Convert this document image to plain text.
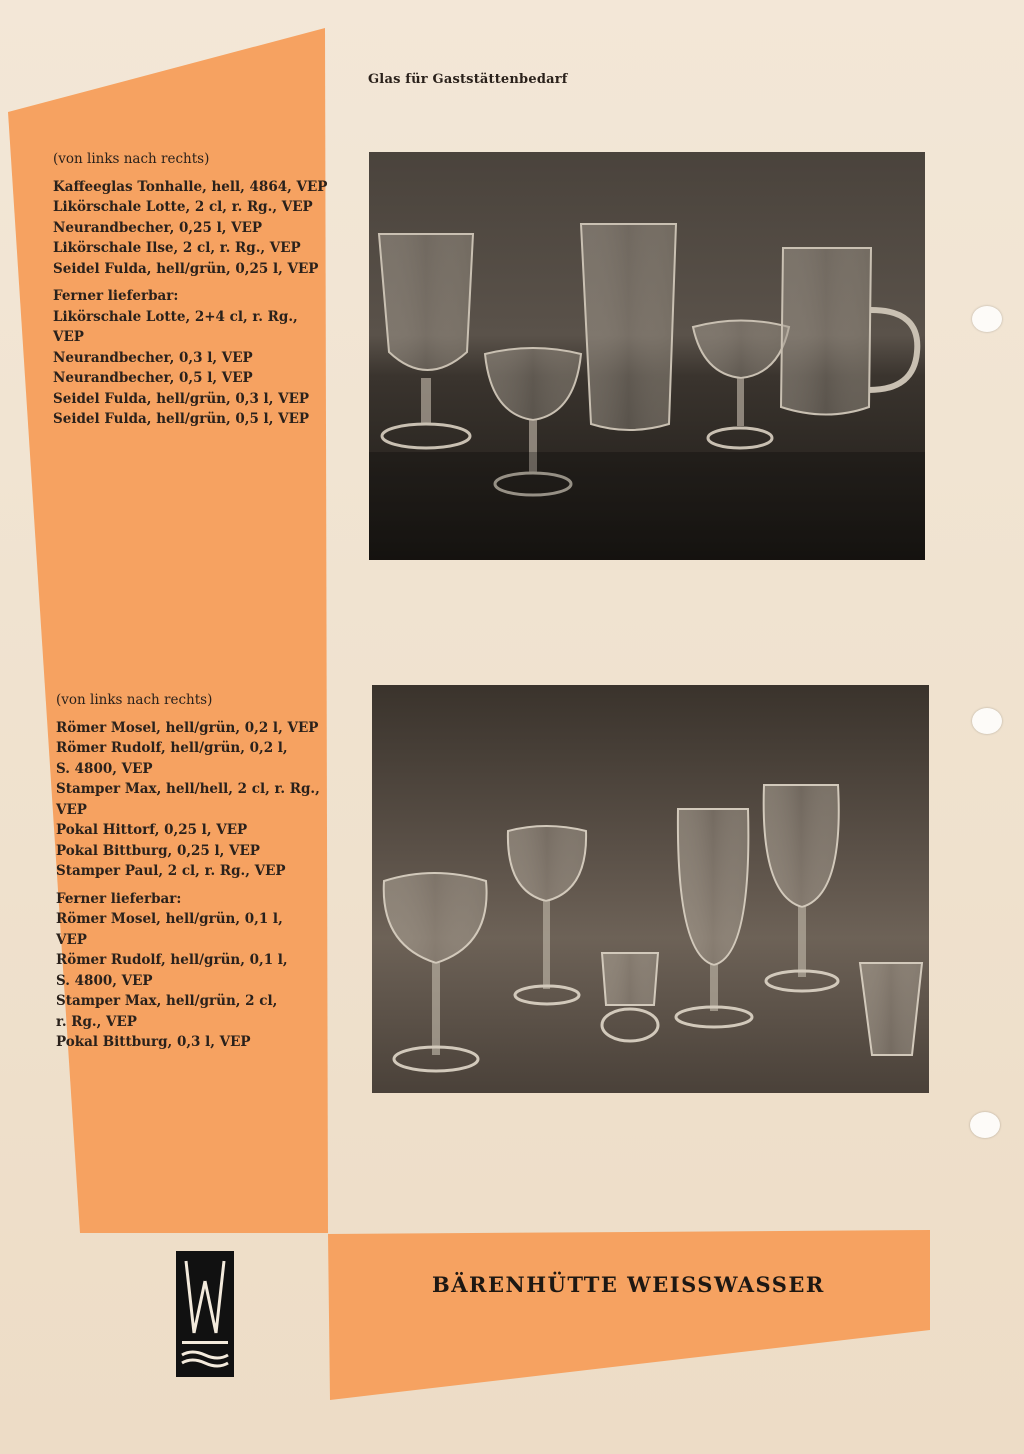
Glas für Gaststättenbedarf

(von links nach rechts)

Kaffeeglas Tonhalle, hell, 4864, VEP

Likörschale Lotte, 2 cl, r. Rg., VEP

Neurandbecher, 0,25 l, VEP

Likörschale Ilse, 2 cl, r. Rg., VEP

Seidel Fulda, hell/grün, 0,25 l, VEP

Ferner lieferbar:

Likörschale Lotte, 2+4 cl, r. Rg., VEP

Neurandbecher, 0,3 l, VEP

Neurandbecher, 0,5 l, VEP

Seidel Fulda, hell/grün, 0,3 l, VEP

Seidel Fulda, hell/grün, 0,5 l, VEP

(von links nach rechts)

Römer Mosel, hell/grün, 0,2 l, VEP

Römer Rudolf, hell/grün, 0,2 l,

S. 4800, VEP

Stamper Max, hell/hell, 2 cl, r. Rg.,

VEP

Pokal Hittorf, 0,25 l, VEP

Pokal Bittburg, 0,25 l, VEP

Stamper Paul, 2 cl, r. Rg., VEP

Ferner lieferbar:

Römer Mosel, hell/grün, 0,1 l,

VEP

Römer Rudolf, hell/grün, 0,1 l,

S. 4800, VEP

Stamper Max, hell/grün, 2 cl,

r. Rg., VEP

Pokal Bittburg, 0,3 l, VEP

BÄRENHÜTTE WEISSWASSER
